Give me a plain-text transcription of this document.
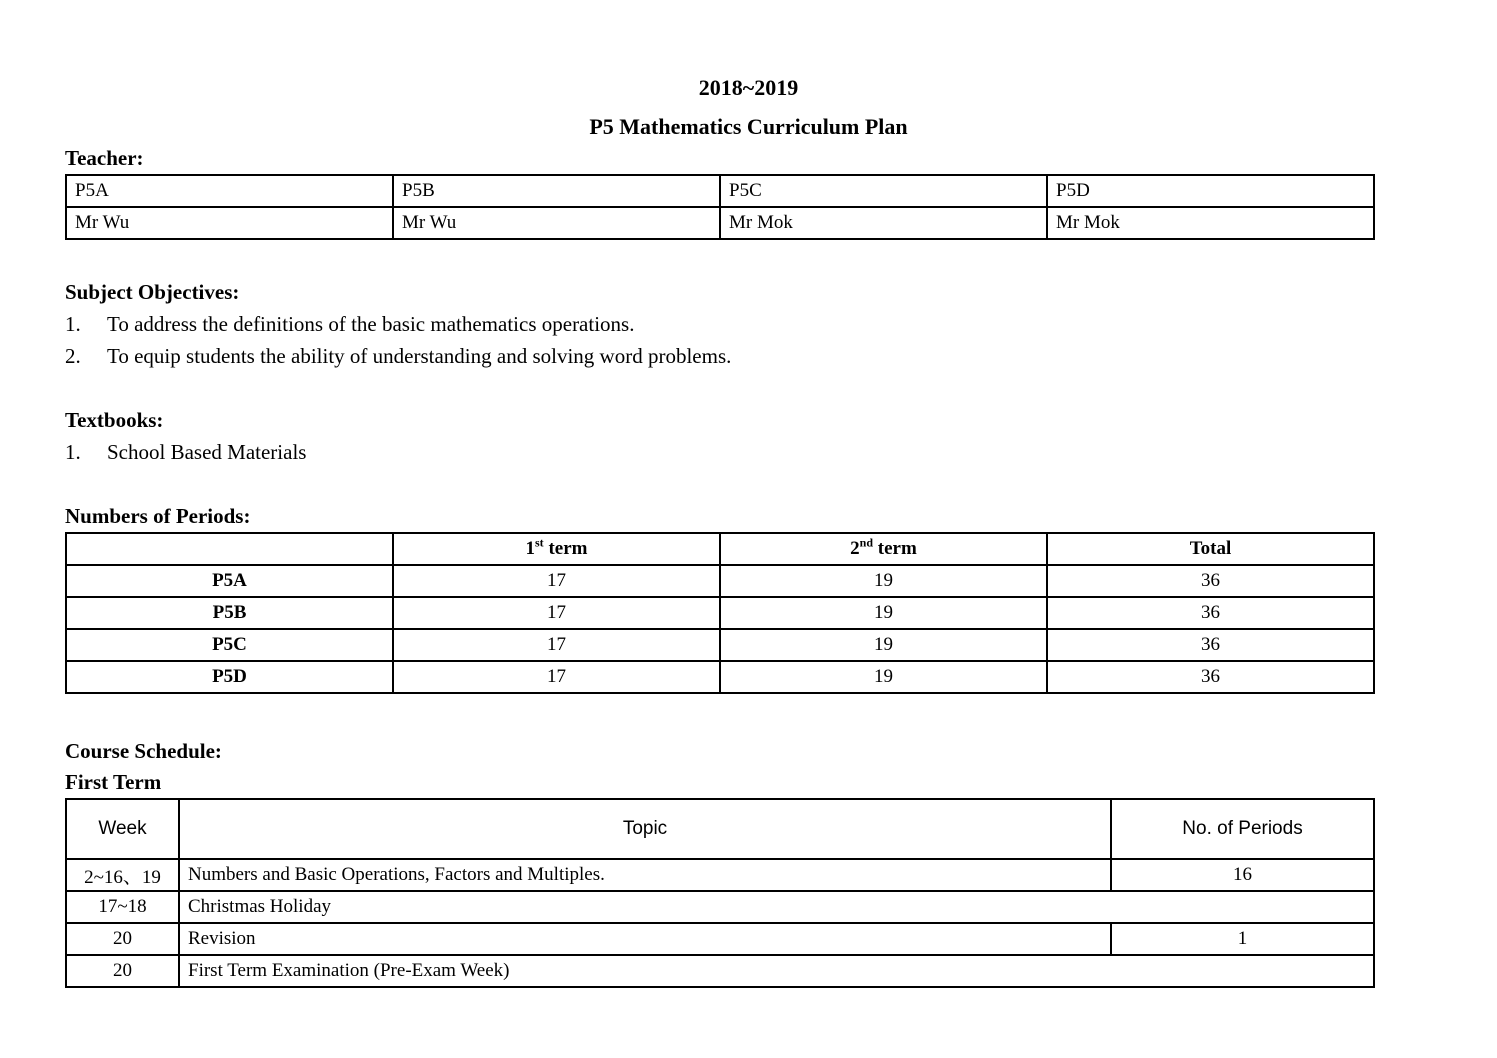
2018~2019
P5 Mathematics Curriculum Plan
Teacher:
P5A	P5B	P5C	P5D
Mr Wu	Mr Wu	Mr Mok	Mr Mok
Subject Objectives:
1. To address the definitions of the basic mathematics operations.
2. To equip students the ability of understanding and solving word problems.
Textbooks:
1. School Based Materials
Numbers of Periods:
	1st term	2nd term	Total
P5A	17	19	36
P5B	17	19	36
P5C	17	19	36
P5D	17	19	36
Course Schedule:
First Term
Week	Topic	No. of Periods
2~16、19	Numbers and Basic Operations, Factors and Multiples.	16
17~18	Christmas Holiday	
20	Revision	1
20	First Term Examination (Pre-Exam Week)	
